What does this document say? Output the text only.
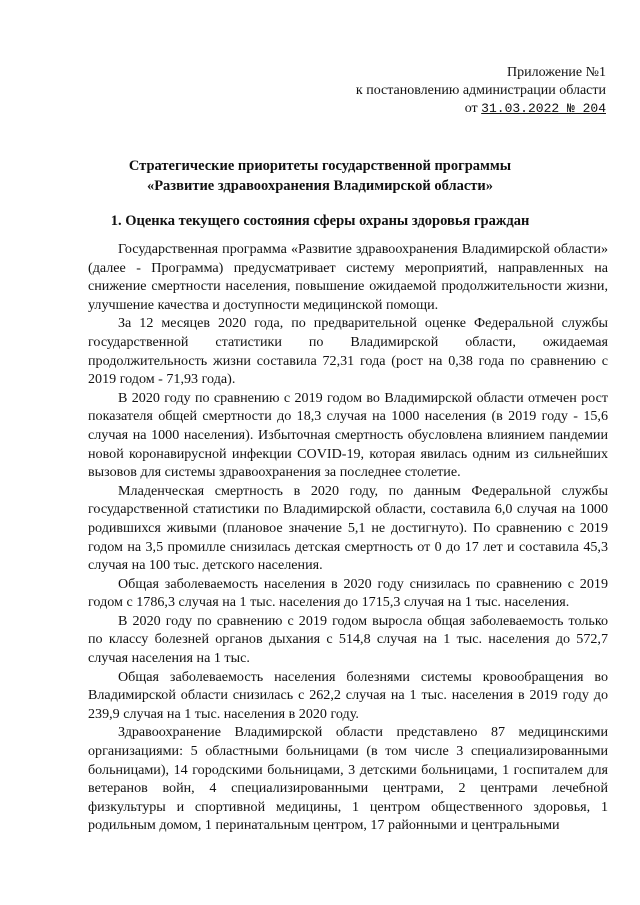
Приложение №1
к постановлению администрации области
от 31.03.2022 № 204
Стратегические приоритеты государственной программы
«Развитие здравоохранения Владимирской области»
1. Оценка текущего состояния сферы охраны здоровья граждан

Государственная программа «Развитие здравоохранения Владимирской области» (далее - Программа) предусматривает систему мероприятий, направленных на снижение смертности населения, повышение ожидаемой продолжительности жизни, улучшение качества и доступности медицинской помощи.

За 12 месяцев 2020 года, по предварительной оценке Федеральной службы государственной статистики по Владимирской области, ожидаемая продолжительность жизни составила 72,31 года (рост на 0,38 года по сравнению с 2019 годом - 71,93 года).

В 2020 году по сравнению с 2019 годом во Владимирской области отмечен рост показателя общей смертности до 18,3 случая на 1000 населения (в 2019 году - 15,6 случая на 1000 населения). Избыточная смертность обусловлена влиянием пандемии новой коронавирусной инфекции COVID-19, которая явилась одним из сильнейших вызовов для системы здравоохранения за последнее столетие.

Младенческая смертность в 2020 году, по данным Федеральной службы государственной статистики по Владимирской области, составила 6,0 случая на 1000 родившихся живыми (плановое значение 5,1 не достигнуто). По сравнению с 2019 годом на 3,5 промилле снизилась детская смертность от 0 до 17 лет и составила 45,3 случая на 100 тыс. детского населения.

Общая заболеваемость населения в 2020 году снизилась по сравнению с 2019 годом с 1786,3 случая на 1 тыс. населения до 1715,3 случая на 1 тыс. населения.

В 2020 году по сравнению с 2019 годом выросла общая заболеваемость только по классу болезней органов дыхания с 514,8 случая на 1 тыс. населения до 572,7 случая населения на 1 тыс.

Общая заболеваемость населения болезнями системы кровообращения во Владимирской области снизилась с 262,2 случая на 1 тыс. населения в 2019 году до 239,9 случая на 1 тыс. населения в 2020 году.

Здравоохранение Владимирской области представлено 87 медицинскими организациями: 5 областными больницами (в том числе 3 специализированными больницами), 14 городскими больницами, 3 детскими больницами, 1 госпиталем для ветеранов войн, 4 специализированными центрами, 2 центрами лечебной физкультуры и спортивной медицины, 1 центром общественного здоровья, 1 родильным домом, 1 перинатальным центром, 17 районными и центральными
